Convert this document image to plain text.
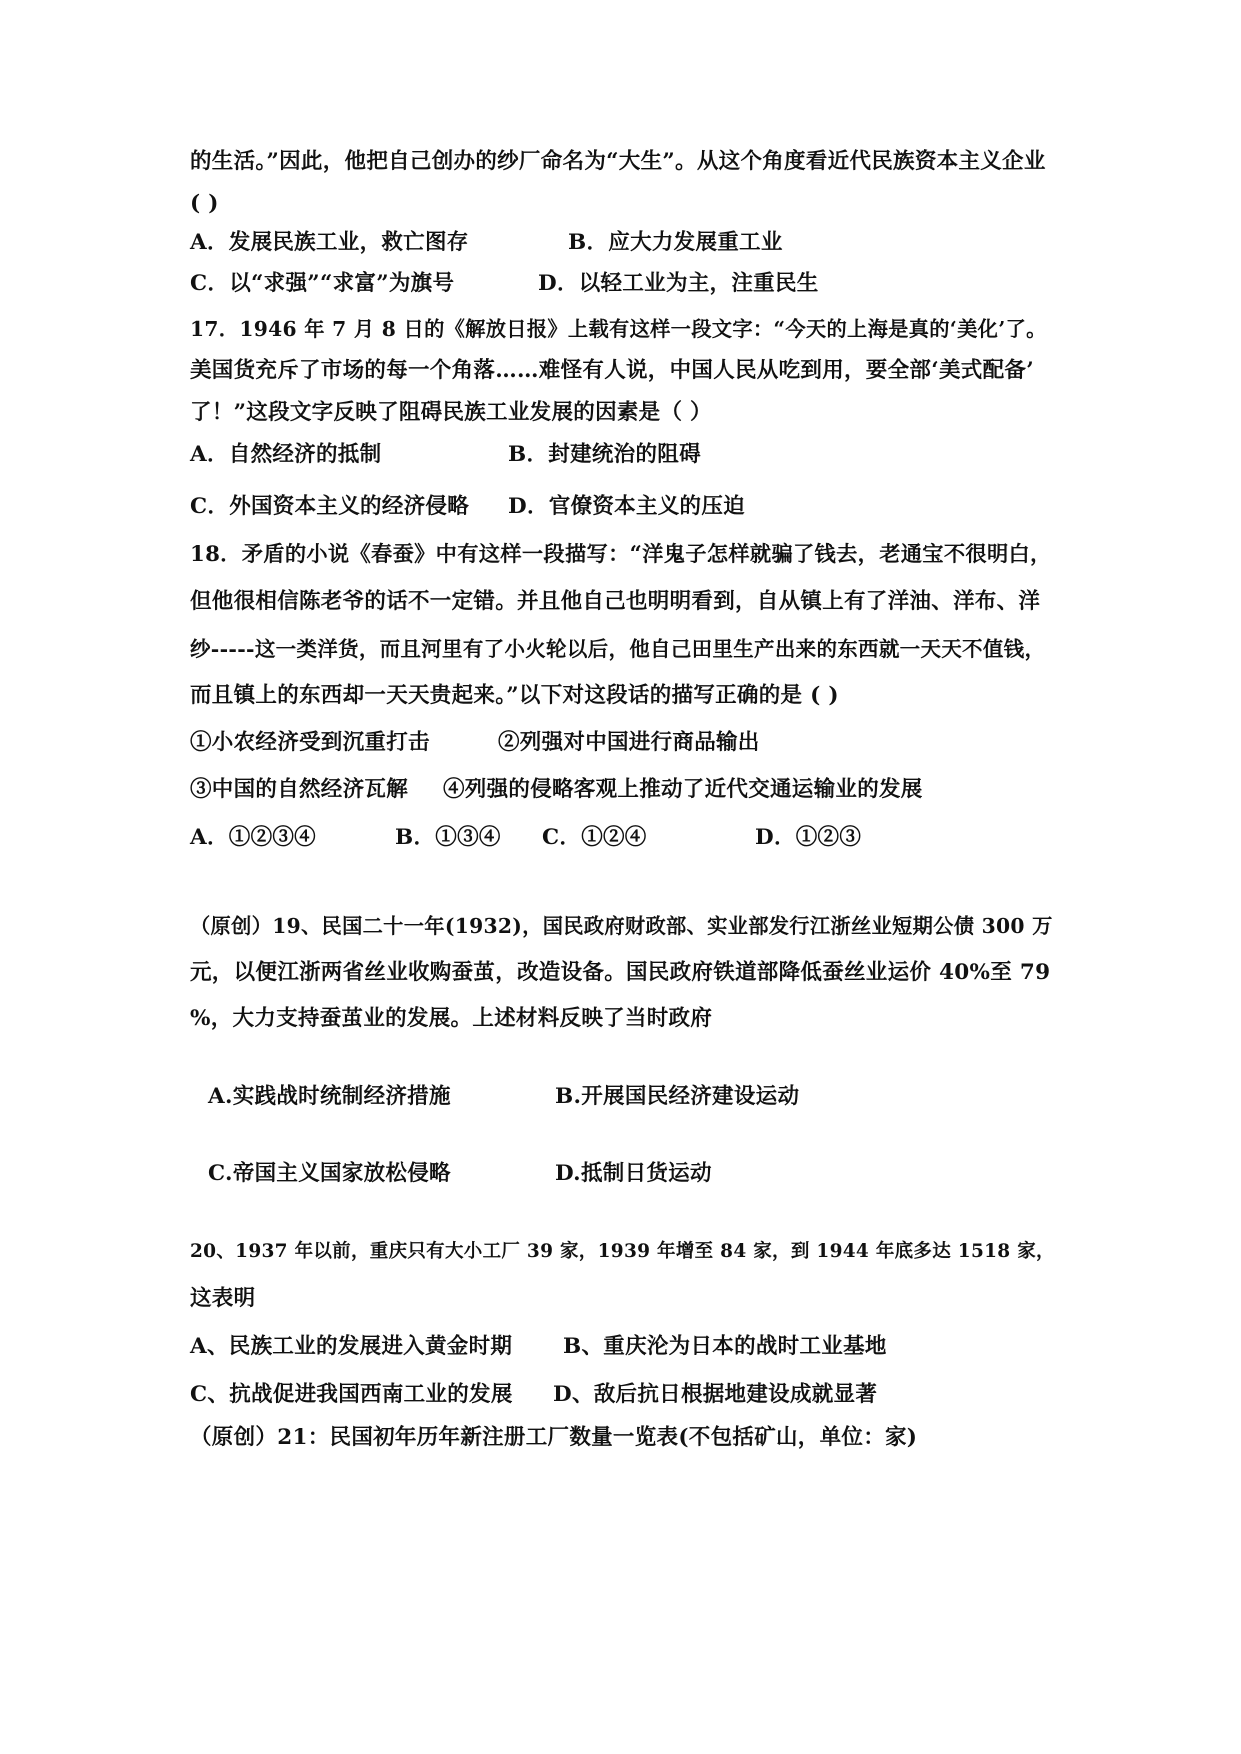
的生活。”因此，他把自己创办的纱厂命名为“大生”。从这个角度看近代民族资本主义企业
( )
A．发展民族工业，救亡图存	B．应大力发展重工业
C．以“求强”“求富”为旗号	D．以轻工业为主，注重民生
17．1946 年 7 月 8 日的《解放日报》上载有这样一段文字：“今天的上海是真的‘美化’了。
美国货充斥了市场的每一个角落……难怪有人说，中国人民从吃到用，要全部‘美式配备’
了！”这段文字反映了阻碍民族工业发展的因素是（ ）
A．自然经济的抵制	B．封建统治的阻碍
C．外国资本主义的经济侵略 D．官僚资本主义的压迫
18．矛盾的小说《春蚕》中有这样一段描写：“洋鬼子怎样就骗了钱去，老通宝不很明白，
但他很相信陈老爷的话不一定错。并且他自己也明明看到，自从镇上有了洋油、洋布、洋
纱-----这一类洋货，而且河里有了小火轮以后，他自己田里生产出来的东西就一天天不值钱，
而且镇上的东西却一天天贵起来。”以下对这段话的描写正确的是 ( )
①小农经济受到沉重打击	②列强对中国进行商品输出
③中国的自然经济瓦解 ④列强的侵略客观上推动了近代交通运输业的发展
A．①②③④	B．①③④ C．①②④	D．①②③
（原创）19、民国二十一年(1932)，国民政府财政部、实业部发行江浙丝业短期公债 300 万
元，以便江浙两省丝业收购蚕茧，改造设备。国民政府铁道部降低蚕丝业运价 40%至 79
%，大力支持蚕茧业的发展。上述材料反映了当时政府
A.实践战时统制经济措施	B.开展国民经济建设运动
C.帝国主义国家放松侵略	D.抵制日货运动
20、1937 年以前，重庆只有大小工厂 39 家，1939 年增至 84 家，到 1944 年底多达 1518 家，
这表明
A、民族工业的发展进入黄金时期 B、重庆沦为日本的战时工业基地
C、抗战促进我国西南工业的发展 D、敌后抗日根据地建设成就显著
（原创）21：民国初年历年新注册工厂数量一览表(不包括矿山，单位：家)
